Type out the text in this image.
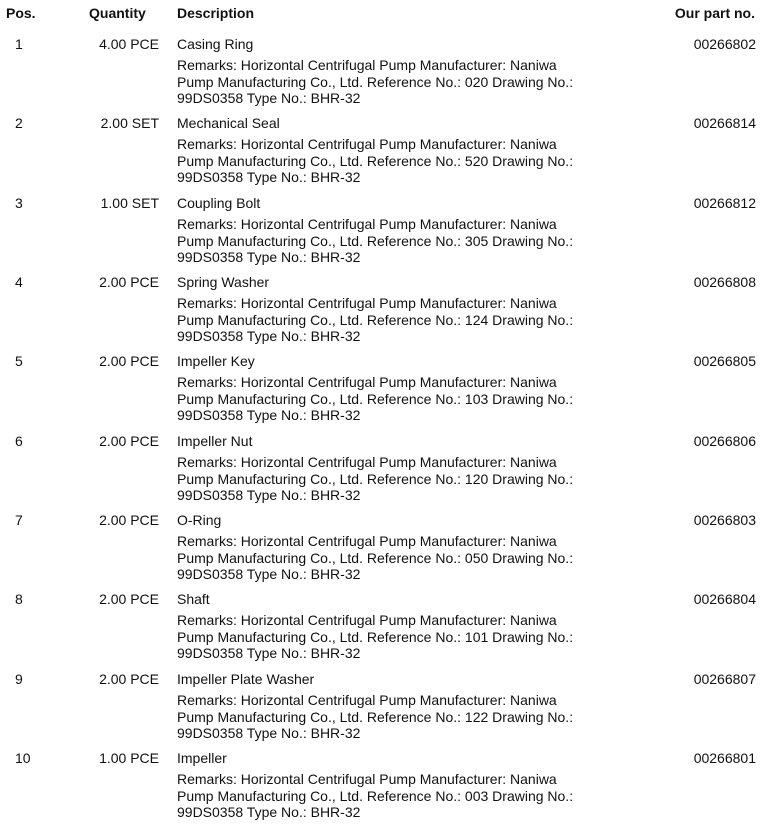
Pos.	Quantity Description	Our part no.
1	4.00 PCE Casing Ring
Remarks: Horizontal Centrifugal Pump Manufacturer: Naniwa Pump Manufacturing Co., Ltd. Reference No.: 020 Drawing No.: 99DS0358 Type No.: BHR-32
00266802
2	2.00 SET Mechanical Seal
Remarks: Horizontal Centrifugal Pump Manufacturer: Naniwa Pump Manufacturing Co., Ltd. Reference No.: 520 Drawing No.: 99DS0358 Type No.: BHR-32
00266814
3	1.00 SET Coupling Bolt
Remarks: Horizontal Centrifugal Pump Manufacturer: Naniwa Pump Manufacturing Co., Ltd. Reference No.: 305 Drawing No.: 99DS0358 Type No.: BHR-32
00266812
4	2.00 PCE Spring Washer
Remarks: Horizontal Centrifugal Pump Manufacturer: Naniwa Pump Manufacturing Co., Ltd. Reference No.: 124 Drawing No.: 99DS0358 Type No.: BHR-32
00266808
5	2.00 PCE Impeller Key
Remarks: Horizontal Centrifugal Pump Manufacturer: Naniwa Pump Manufacturing Co., Ltd. Reference No.: 103 Drawing No.: 99DS0358 Type No.: BHR-32
00266805
6	2.00 PCE Impeller Nut
Remarks: Horizontal Centrifugal Pump Manufacturer: Naniwa Pump Manufacturing Co., Ltd. Reference No.: 120 Drawing No.: 99DS0358 Type No.: BHR-32
00266806
7	2.00 PCE O-Ring
Remarks: Horizontal Centrifugal Pump Manufacturer: Naniwa Pump Manufacturing Co., Ltd. Reference No.: 050 Drawing No.: 99DS0358 Type No.: BHR-32
00266803
8	2.00 PCE Shaft
Remarks: Horizontal Centrifugal Pump Manufacturer: Naniwa Pump Manufacturing Co., Ltd. Reference No.: 101 Drawing No.: 99DS0358 Type No.: BHR-32
00266804
9	2.00 PCE Impeller Plate Washer
Remarks: Horizontal Centrifugal Pump Manufacturer: Naniwa Pump Manufacturing Co., Ltd. Reference No.: 122 Drawing No.: 99DS0358 Type No.: BHR-32
00266807
10	1.00 PCE Impeller
Remarks: Horizontal Centrifugal Pump Manufacturer: Naniwa Pump Manufacturing Co., Ltd. Reference No.: 003 Drawing No.: 99DS0358 Type No.: BHR-32
00266801
